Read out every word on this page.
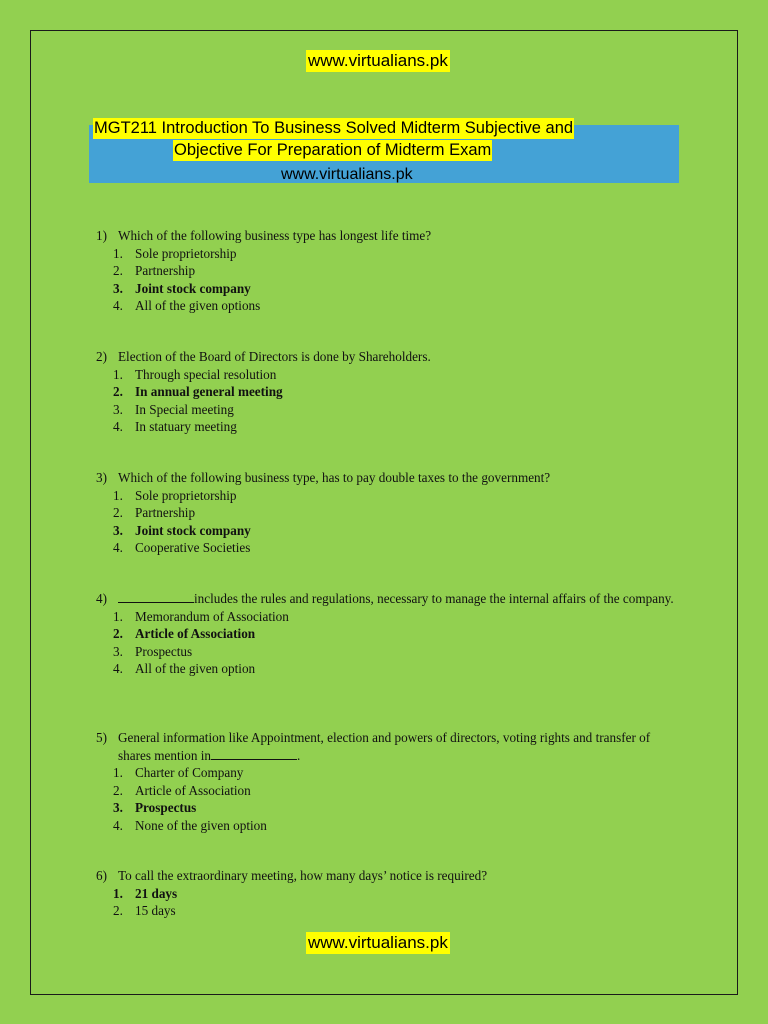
www.virtualians.pk
MGT211 Introduction To Business Solved Midterm Subjective and
Objective For Preparation of Midterm Exam
www.virtualians.pk
1) Which of the following business type has longest life time?
1. Sole proprietorship
2. Partnership
3. Joint stock company
4. All of the given options
2) Election of the Board of Directors is done by Shareholders.
1. Through special resolution
2. In annual general meeting
3. In Special meeting
4. In statuary meeting
3) Which of the following business type, has to pay double taxes to the government?
1. Sole proprietorship
2. Partnership
3. Joint stock company
4. Cooperative Societies
4)	includes the rules and regulations, necessary to manage the internal affairs of the company.
1. Memorandum of Association
2. Article of Association
3. Prospectus
4. All of the given option
5) General information like Appointment, election and powers of directors, voting rights and transfer of shares mention in	.
1. Charter of Company
2. Article of Association
3. Prospectus
4. None of the given option
6) To call the extraordinary meeting, how many days’ notice is required?
1. 21 days
2. 15 days
www.virtualians.pk
